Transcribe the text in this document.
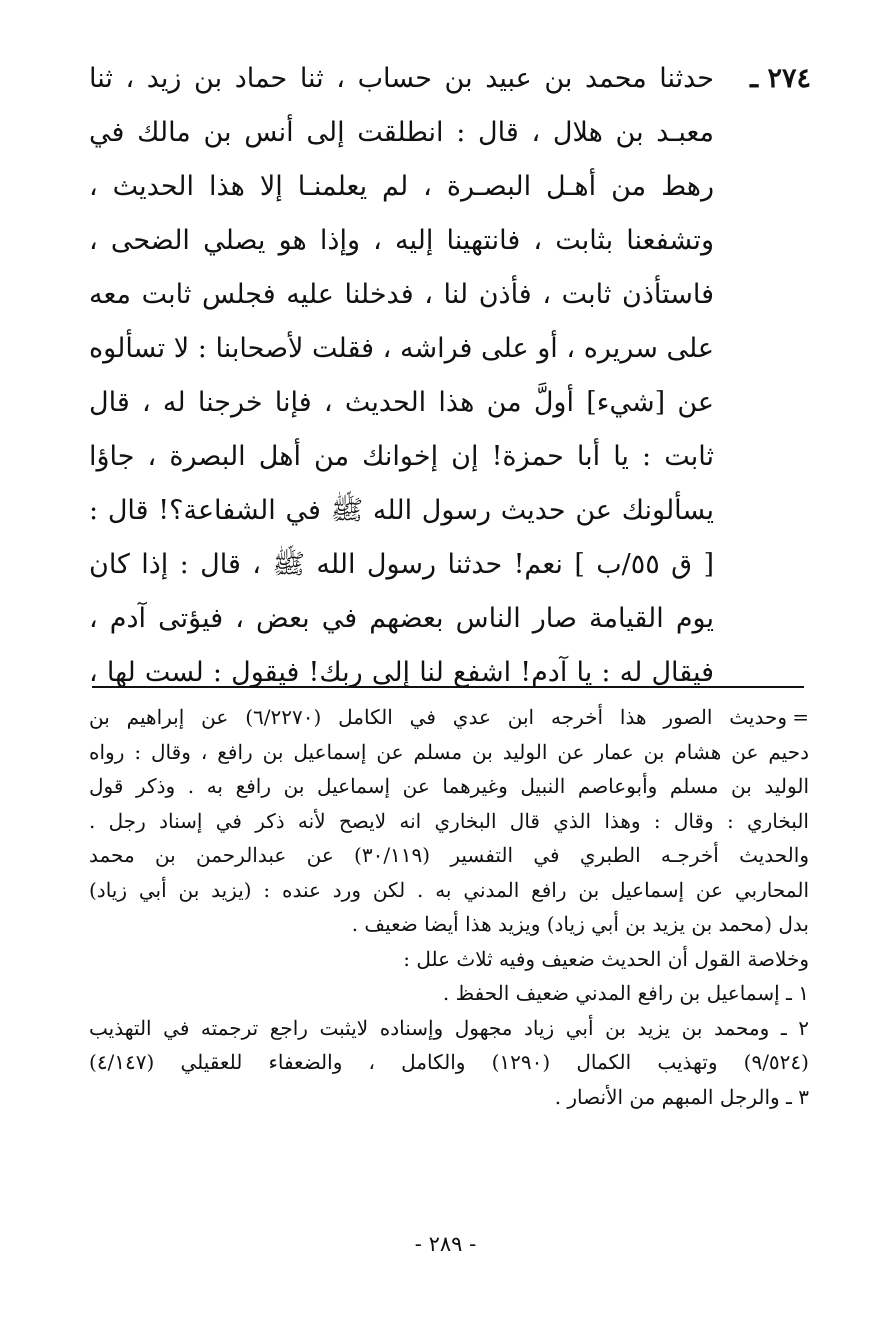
٢٧٤ ـ
حدثنا محمد بن عبيد بن حساب ، ثنا حماد بن زيد ، ثنا
معبـد بن هلال ، قال : انطلقت إلى أنس بن مالك في
رهط من أهـل البصـرة ، لم يعلمنـا إلا هذا الحديث ،
وتشفعنا بثابت ، فانتهينا إليه ، وإذا هو يصلي الضحى ،
فاستأذن ثابت ، فأذن لنا ، فدخلنا عليه فجلس ثابت معه
على سريره ، أو على فراشه ، فقلت لأصحابنا : لا تسألوه
عن [شيء] أولَّ من هذا الحديث ، فإنا خرجنا له ، قال
ثابت : يا أبا حمزة! إن إخوانك من أهل البصرة ، جاؤا
يسألونك عن حديث رسول الله ﷺ في الشفاعة؟! قال :
[ ق ٥٥/ب ] نعم! حدثنا رسول الله ﷺ ، قال : إذا كان
يوم القيامة صار الناس بعضهم في بعض ، فيؤتى آدم ،
فيقال له : يا آدم! اشفع لنا إلى ربك! فيقول : لست لها ،
=
وحديث الصور هذا أخرجه ابن عدي في الكامل (٦/٢٢٧٠) عن إبراهيم بن
دحيم عن هشام بن عمار عن الوليد بن مسلم عن إسماعيل بن رافع ، وقال : رواه
الوليد بن مسلم وأبوعاصم النبيل وغيرهما عن إسماعيل بن رافع به . وذكر قول
البخاري : وقال : وهذا الذي قال البخاري انه لايصح لأنه ذكر في إسناد رجل .
والحديث أخرجـه الطبري في التفسير (٣٠/١١٩) عن عبدالرحمن بن محمد
المحاربي عن إسماعيل بن رافع المدني به . لكن ورد عنده : (يزيد بن أبي زياد)
بدل (محمد بن يزيد بن أبي زياد) ويزيد هذا أيضا ضعيف .
وخلاصة القول أن الحديث ضعيف وفيه ثلاث علل :
١ ـ إسماعيل بن رافع المدني ضعيف الحفظ .
٢ ـ ومحمد بن يزيد بن أبي زياد مجهول وإسناده لايثبت راجع ترجمته في التهذيب
(٩/٥٢٤) وتهذيب الكمال (١٢٩٠) والكامل ، والضعفاء للعقيلي (٤/١٤٧)
٣ ـ والرجل المبهم من الأنصار .
- ٢٨٩ -
